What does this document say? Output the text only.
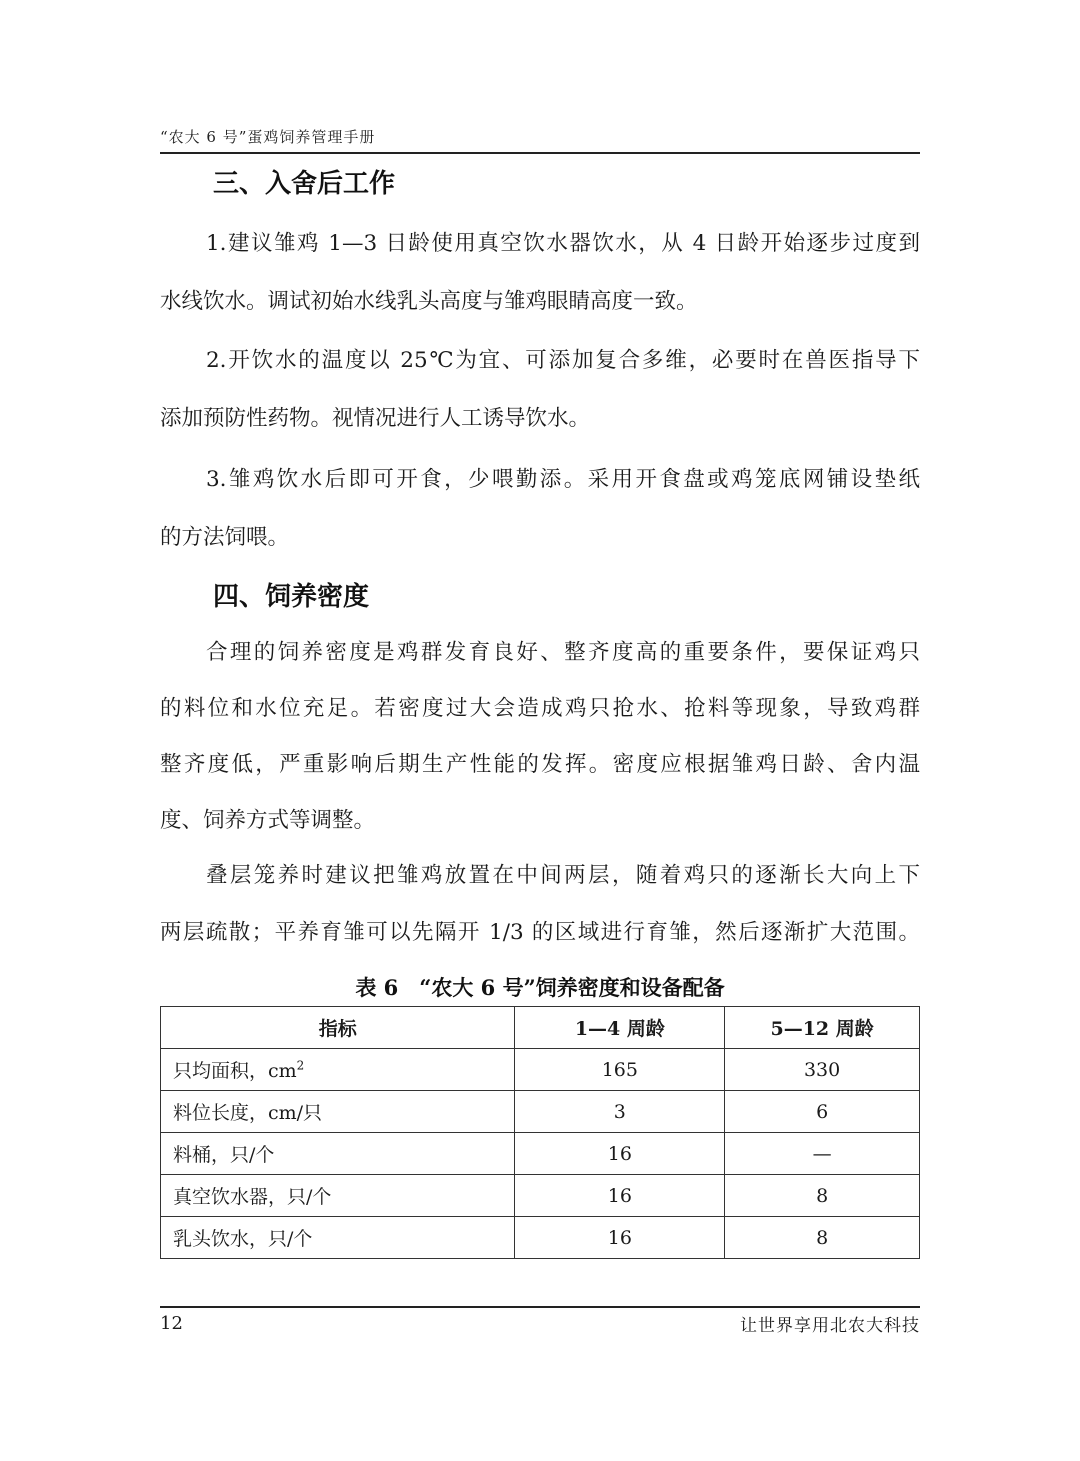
“农大 6 号”蛋鸡饲养管理手册
三、入舍后工作
1.建议雏鸡 1—3 日龄使用真空饮水器饮水，从 4 日龄开始逐步过度到
水线饮水。调试初始水线乳头高度与雏鸡眼睛高度一致。
2.开饮水的温度以 25℃为宜、可添加复合多维，必要时在兽医指导下
添加预防性药物。视情况进行人工诱导饮水。
3.雏鸡饮水后即可开食，少喂勤添。采用开食盘或鸡笼底网铺设垫纸
的方法饲喂。
四、饲养密度
合理的饲养密度是鸡群发育良好、整齐度高的重要条件，要保证鸡只
的料位和水位充足。若密度过大会造成鸡只抢水、抢料等现象，导致鸡群
整齐度低，严重影响后期生产性能的发挥。密度应根据雏鸡日龄、舍内温
度、饲养方式等调整。
叠层笼养时建议把雏鸡放置在中间两层，随着鸡只的逐渐长大向上下
两层疏散；平养育雏可以先隔开 1/3 的区域进行育雏，然后逐渐扩大范围。
表 6　“农大 6 号”饲养密度和设备配备
指标	1—4 周龄	5—12 周龄
只均面积，$cm^2$	165	330
料位长度，cm/只	3	6
料桶，只/个	16	—
真空饮水器，只/个	16	8
乳头饮水，只/个	16	8
12	让世界享用北农大科技
